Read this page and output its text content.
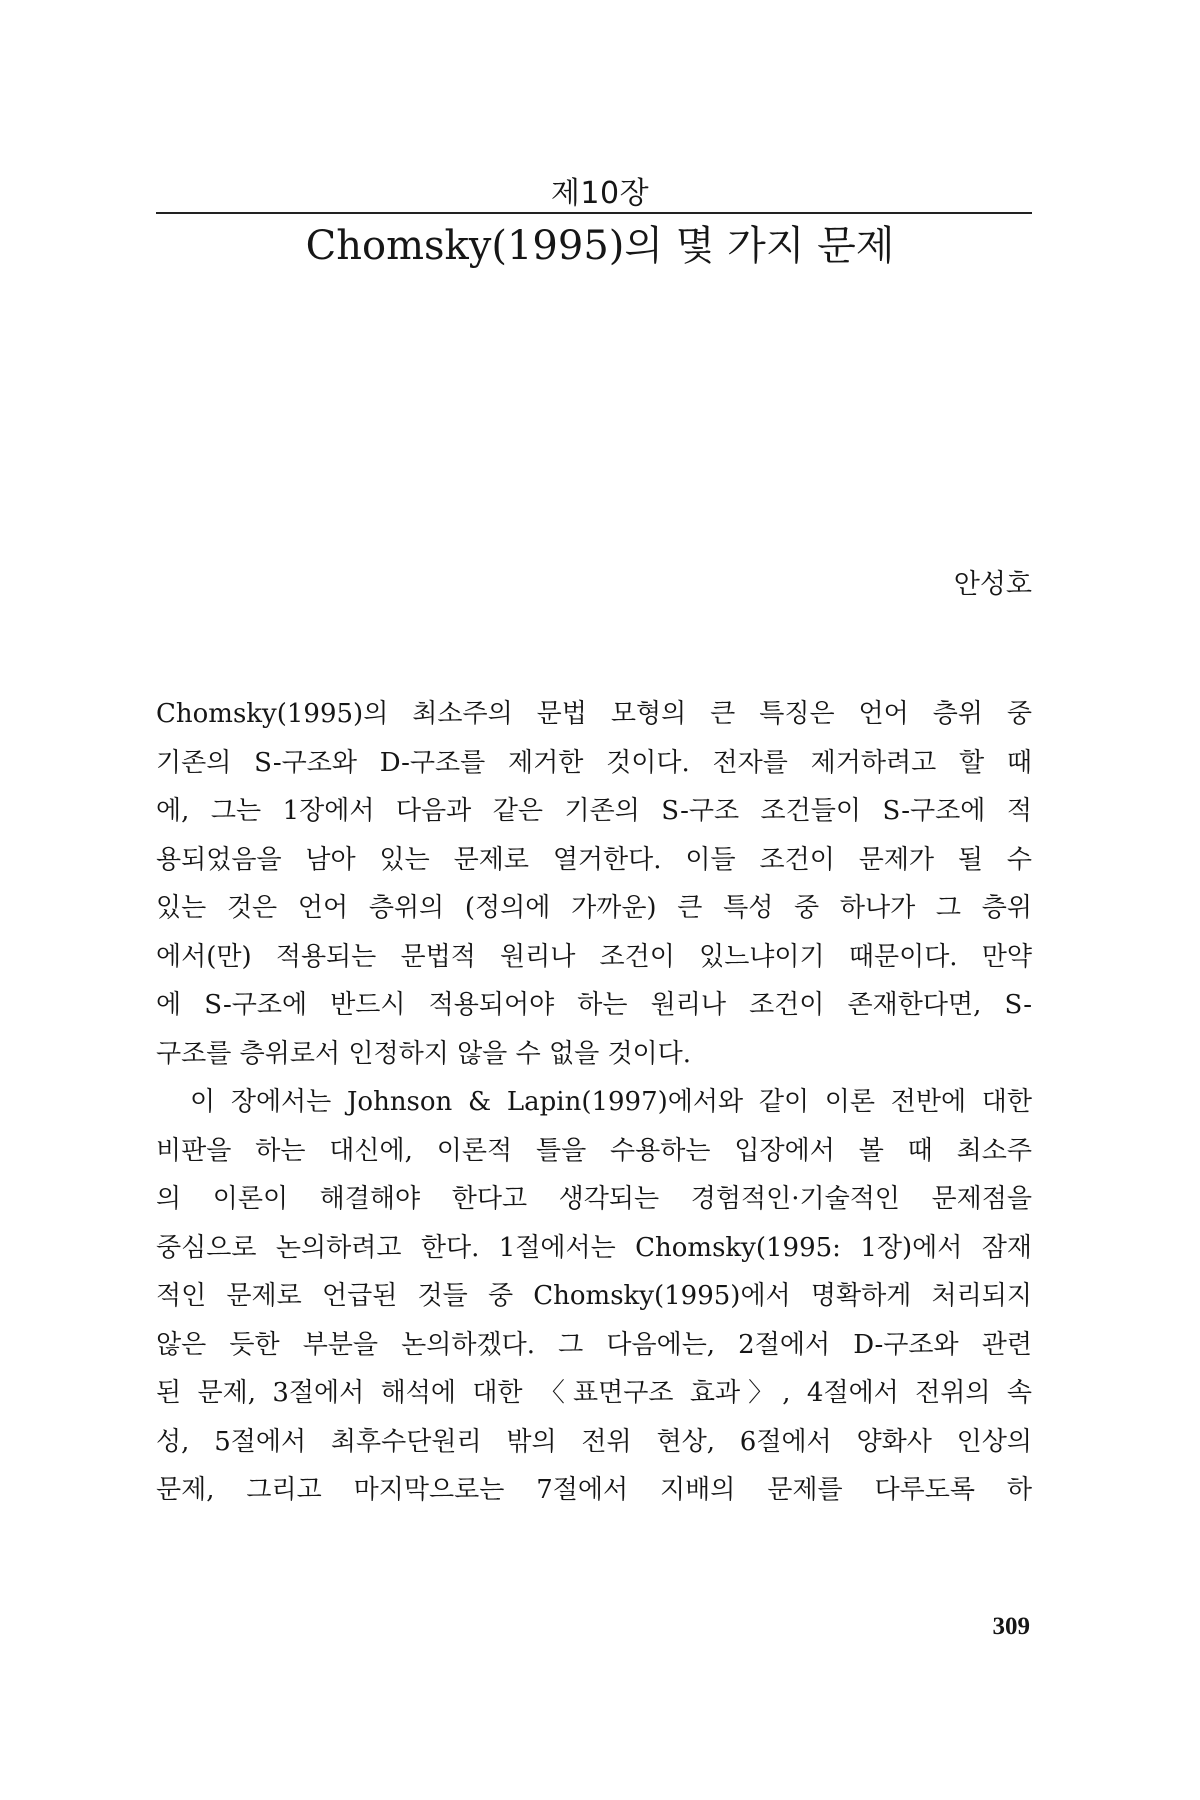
제10장
Chomsky(1995)의 몇 가지 문제
안성호
Chomsky(1995)의 최소주의 문법 모형의 큰 특징은 언어 층위 중
기존의 S-구조와 D-구조를 제거한 것이다. 전자를 제거하려고 할 때
에, 그는 1장에서 다음과 같은 기존의 S-구조 조건들이 S-구조에 적
용되었음을 남아 있는 문제로 열거한다. 이들 조건이 문제가 될 수
있는 것은 언어 층위의 (정의에 가까운) 큰 특성 중 하나가 그 층위
에서(만) 적용되는 문법적 원리나 조건이 있느냐이기 때문이다. 만약
에 S-구조에 반드시 적용되어야 하는 원리나 조건이 존재한다면, S-
구조를 층위로서 인정하지 않을 수 없을 것이다.
이 장에서는 Johnson & Lapin(1997)에서와 같이 이론 전반에 대한
비판을 하는 대신에, 이론적 틀을 수용하는 입장에서 볼 때 최소주
의 이론이 해결해야 한다고 생각되는 경험적인·기술적인 문제점을
중심으로 논의하려고 한다. 1절에서는 Chomsky(1995: 1장)에서 잠재
적인 문제로 언급된 것들 중 Chomsky(1995)에서 명확하게 처리되지
않은 듯한 부분을 논의하겠다. 그 다음에는, 2절에서 D-구조와 관련
된 문제, 3절에서 해석에 대한 〈표면구조 효과〉, 4절에서 전위의 속
성, 5절에서 최후수단원리 밖의 전위 현상, 6절에서 양화사 인상의
문제, 그리고 마지막으로는 7절에서 지배의 문제를 다루도록 하
309
